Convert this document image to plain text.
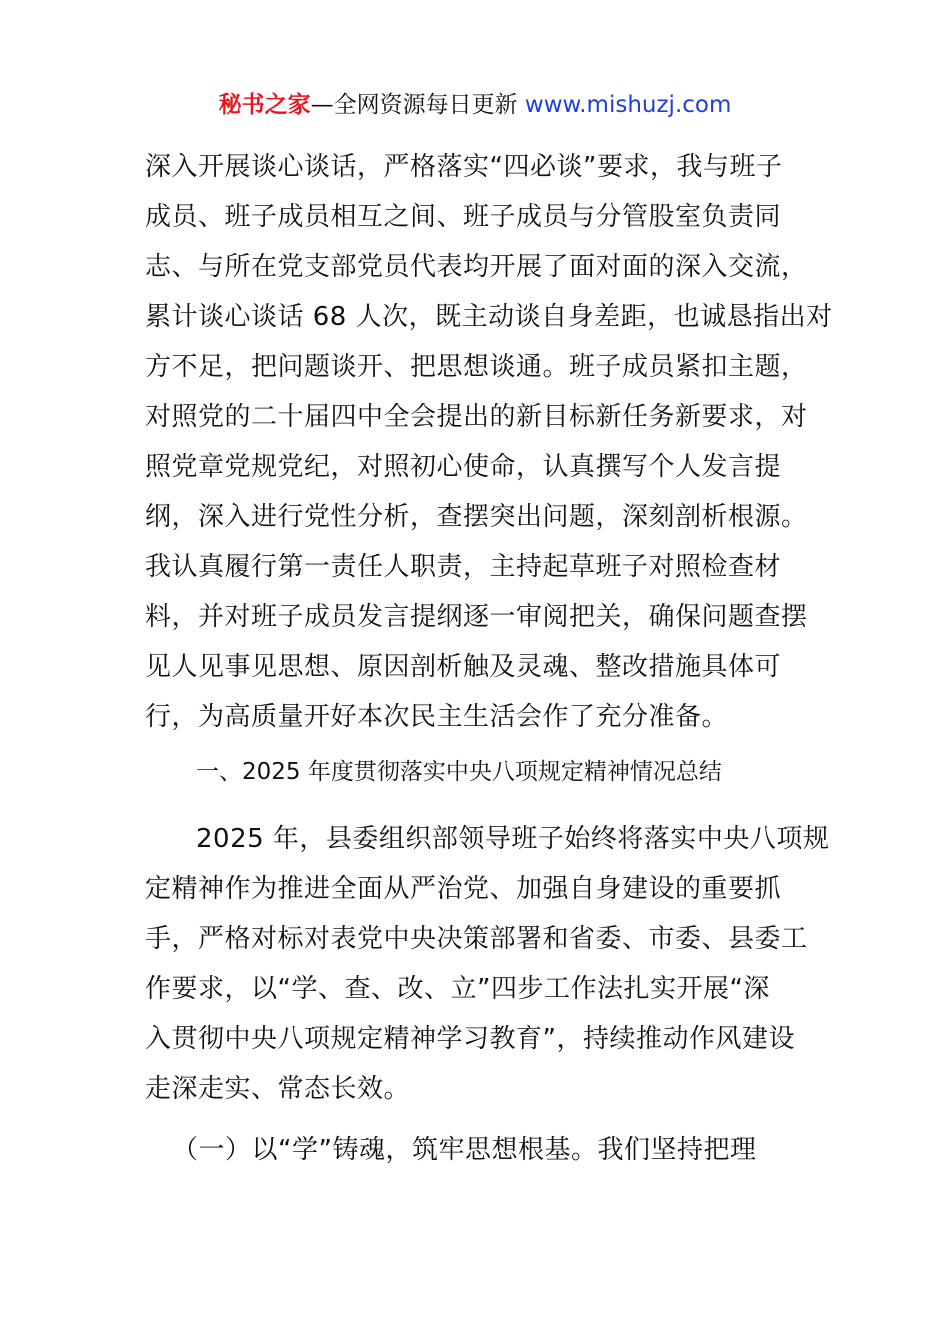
秘书之家—全网资源每日更新 www.mishuzj.com
深入开展谈心谈话，严格落实“四必谈”要求，我与班子
成员、班子成员相互之间、班子成员与分管股室负责同
志、与所在党支部党员代表均开展了面对面的深入交流，
累计谈心谈话 68 人次，既主动谈自身差距，也诚恳指出对
方不足，把问题谈开、把思想谈通。班子成员紧扣主题，
对照党的二十届四中全会提出的新目标新任务新要求，对
照党章党规党纪，对照初心使命，认真撰写个人发言提
纲，深入进行党性分析，查摆突出问题，深刻剖析根源。
我认真履行第一责任人职责，主持起草班子对照检查材
料，并对班子成员发言提纲逐一审阅把关，确保问题查摆
见人见事见思想、原因剖析触及灵魂、整改措施具体可
行，为高质量开好本次民主生活会作了充分准备。
一、2025 年度贯彻落实中央八项规定精神情况总结
2025 年，县委组织部领导班子始终将落实中央八项规
定精神作为推进全面从严治党、加强自身建设的重要抓
手，严格对标对表党中央决策部署和省委、市委、县委工
作要求，以“学、查、改、立”四步工作法扎实开展“深
入贯彻中央八项规定精神学习教育”，持续推动作风建设
走深走实、常态长效。
（一）以“学”铸魂，筑牢思想根基。我们坚持把理
